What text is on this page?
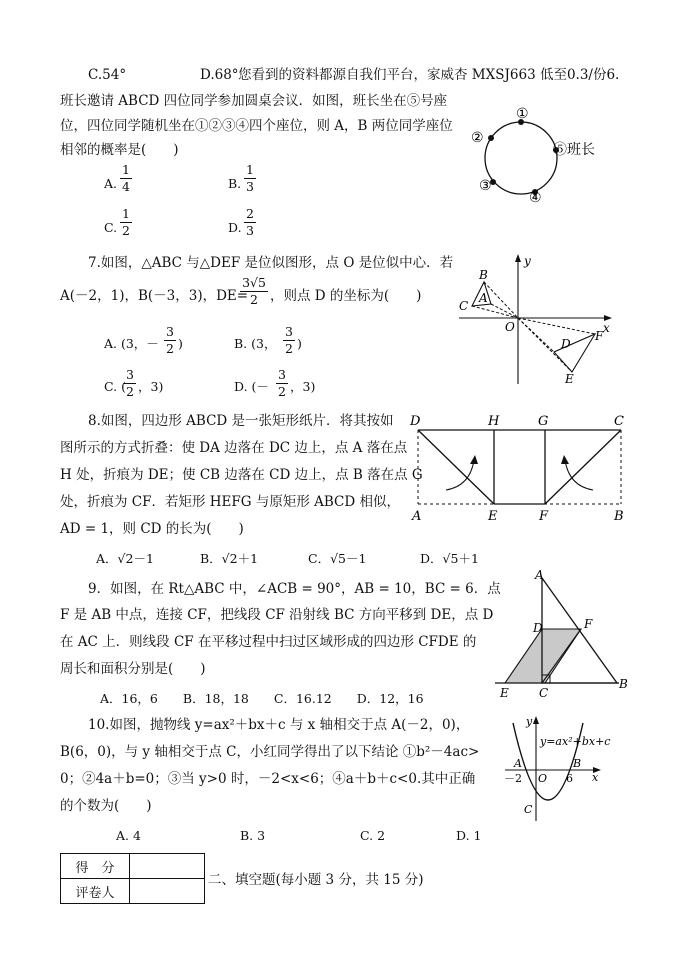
C.54°	D.68° 您看到的资料都源自我们平台，家威杏 MXSJ663 低至0.3/份6.
班长邀请 ABCD 四位同学参加圆桌会议．如图，班长坐在⑤号座
位，四位同学随机坐在①②③④四个座位，则 A，B 两位同学座位
相邻的概率是(　　)
A.
1
4	B.
1
3
C.
1
2	D.
2
3
①
②
③
④
⑤班长
7.如图，△ABC 与△DEF 是位似图形，点 O 是位似中心．若
A(－2，1)，B(－3，3)，DE=
3√5
2 ，则点 D 的坐标为(　　)
A. (3，－
3
2 )	B. (3，
3
2 )
C. (
3
2 ，3)	D. (－
3
2 ，3)
y
x
O
B
A
C
D
F
E
8.如图，四边形 ABCD 是一张矩形纸片．将其按如
图所示的方式折叠：使 DA 边落在 DC 边上，点 A 落在点
H 处，折痕为 DE；使 CB 边落在 CD 边上，点 B 落在点 G
处，折痕为 CF．若矩形 HEFG 与原矩形 ABCD 相似，
AD = 1，则 CD 的长为(　　)
A．√2－1	B．√2＋1	C．√5－1	D．√5＋1
D	H	G	C
A	E	F	B
9．如图，在 Rt△ABC 中，∠ACB = 90°，AB = 10，BC = 6．点
F 是 AB 中点，连接 CF，把线段 CF 沿射线 BC 方向平移到 DE，点 D
在 AC 上．则线段 CF 在平移过程中扫过区域形成的四边形 CFDE 的
周长和面积分别是(　　)
A．16，6　　B．18，18　　C．16.12　　D．12，16
A
D	F
E	C
B
10.如图，抛物线 y=ax²＋bx＋c 与 x 轴相交于点 A(－2，0)，
B(6，0)，与 y 轴相交于点 C，小红同学得出了以下结论 ①b²－4ac>
0；②4a＋b=0；③当 y>0 时，－2<x<6；④a＋b＋c<0.其中正确
的个数为(　　)
A. 4	B. 3	C. 2	D. 1
y=ax²+bx+c
y
x
A	B
－2 O 6
C
得　分	
评卷人	
二、填空题(每小题 3 分，共 15 分)
